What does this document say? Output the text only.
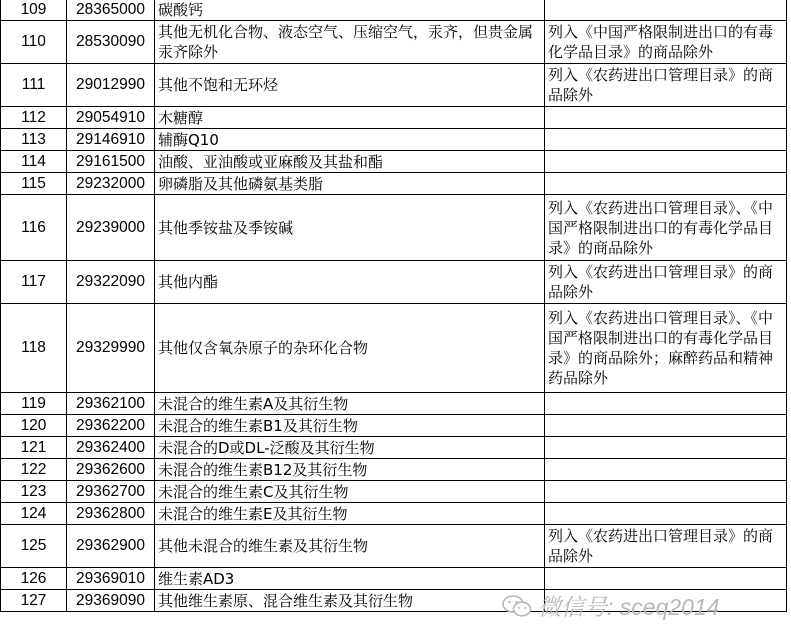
109	28365000	碳酸钙	
110	28530090	其他无机化合物、液态空气、压缩空气，汞齐，但贵金属汞齐除外	列入《中国严格限制进出口的有毒化学品目录》的商品除外
111	29012990	其他不饱和无环烃	列入《农药进出口管理目录》的商品除外
112	29054910	木糖醇	
113	29146910	辅酶Q10	
114	29161500	油酸、亚油酸或亚麻酸及其盐和酯	
115	29232000	卵磷脂及其他磷氨基类脂	
116	29239000	其他季铵盐及季铵碱	列入《农药进出口管理目录》、《中国严格限制进出口的有毒化学品目录》的商品除外
117	29322090	其他内酯	列入《农药进出口管理目录》的商品除外
118	29329990	其他仅含氧杂原子的杂环化合物	列入《农药进出口管理目录》、《中国严格限制进出口的有毒化学品目录》的商品除外；麻醉药品和精神药品除外
119	29362100	未混合的维生素A及其衍生物	
120	29362200	未混合的维生素B1及其衍生物	
121	29362400	未混合的D或DL-泛酸及其衍生物	
122	29362600	未混合的维生素B12及其衍生物	
123	29362700	未混合的维生素C及其衍生物	
124	29362800	未混合的维生素E及其衍生物	
125	29362900	其他未混合的维生素及其衍生物	列入《农药进出口管理目录》的商品除外
126	29369010	维生素AD3	
127	29369090	其他维生素原、混合维生素及其衍生物		微信号: sceq2014
